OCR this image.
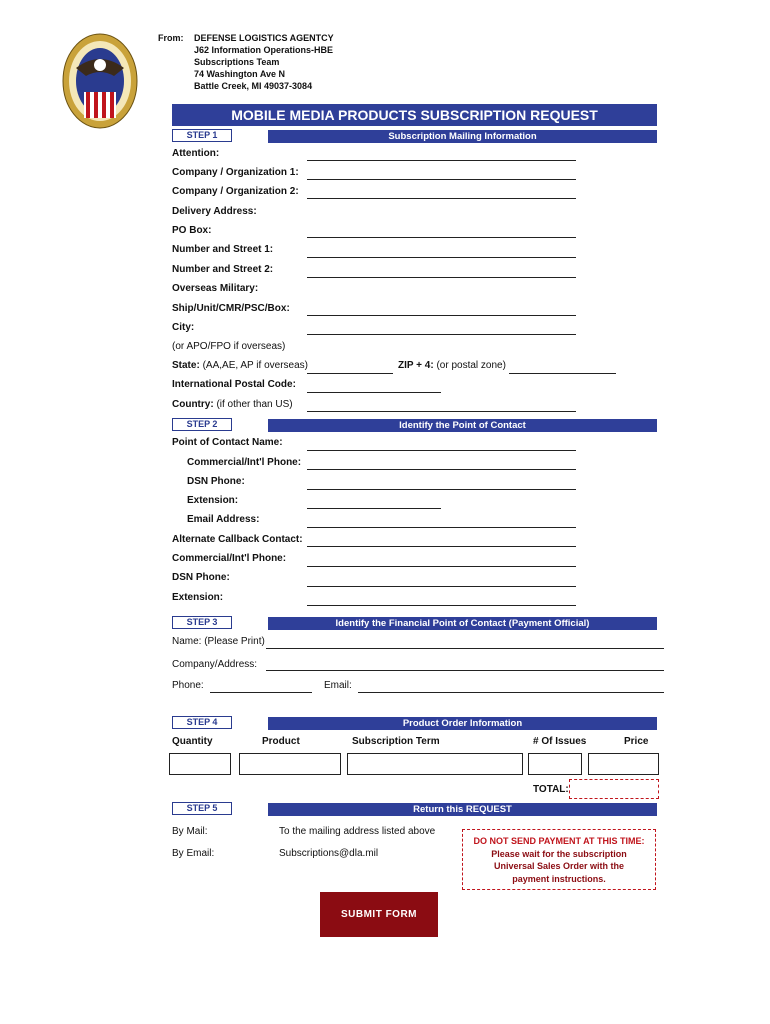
From: DEFENSE LOGISTICS AGENTCY
J62 Information Operations-HBE
Subscriptions Team
74 Washington Ave N
Battle Creek, MI 49037-3084
MOBILE MEDIA PRODUCTS SUBSCRIPTION REQUEST
STEP 1	Subscription Mailing Information
Attention:
Company / Organization 1:
Company / Organization 2:
Delivery Address:
PO Box:
Number and Street 1:
Number and Street 2:
Overseas Military:
Ship/Unit/CMR/PSC/Box:
City:
(or APO/FPO if overseas)
State: (AA,AE, AP if overseas)	ZIP + 4: (or postal zone)
International Postal Code:
Country: (if other than US)
STEP 2	Identify the Point of Contact
Point of Contact Name:
Commercial/Int'l Phone:
DSN Phone:
Extension:
Email Address:
Alternate Callback Contact:
Commercial/Int'l Phone:
DSN Phone:
Extension:
STEP 3	Identify the Financial Point of Contact (Payment Official)
Name: (Please Print)
Company/Address:
Phone:	Email:
STEP 4	Product Order Information
Quantity	Product	Subscription Term	# Of Issues	Price
TOTAL:
STEP 5	Return this REQUEST
By Mail:	To the mailing address listed above
By Email:	Subscriptions@dla.mil
DO NOT SEND PAYMENT AT THIS TIME:
Please wait for the subscription
Universal Sales Order with the
payment instructions.
SUBMIT FORM
